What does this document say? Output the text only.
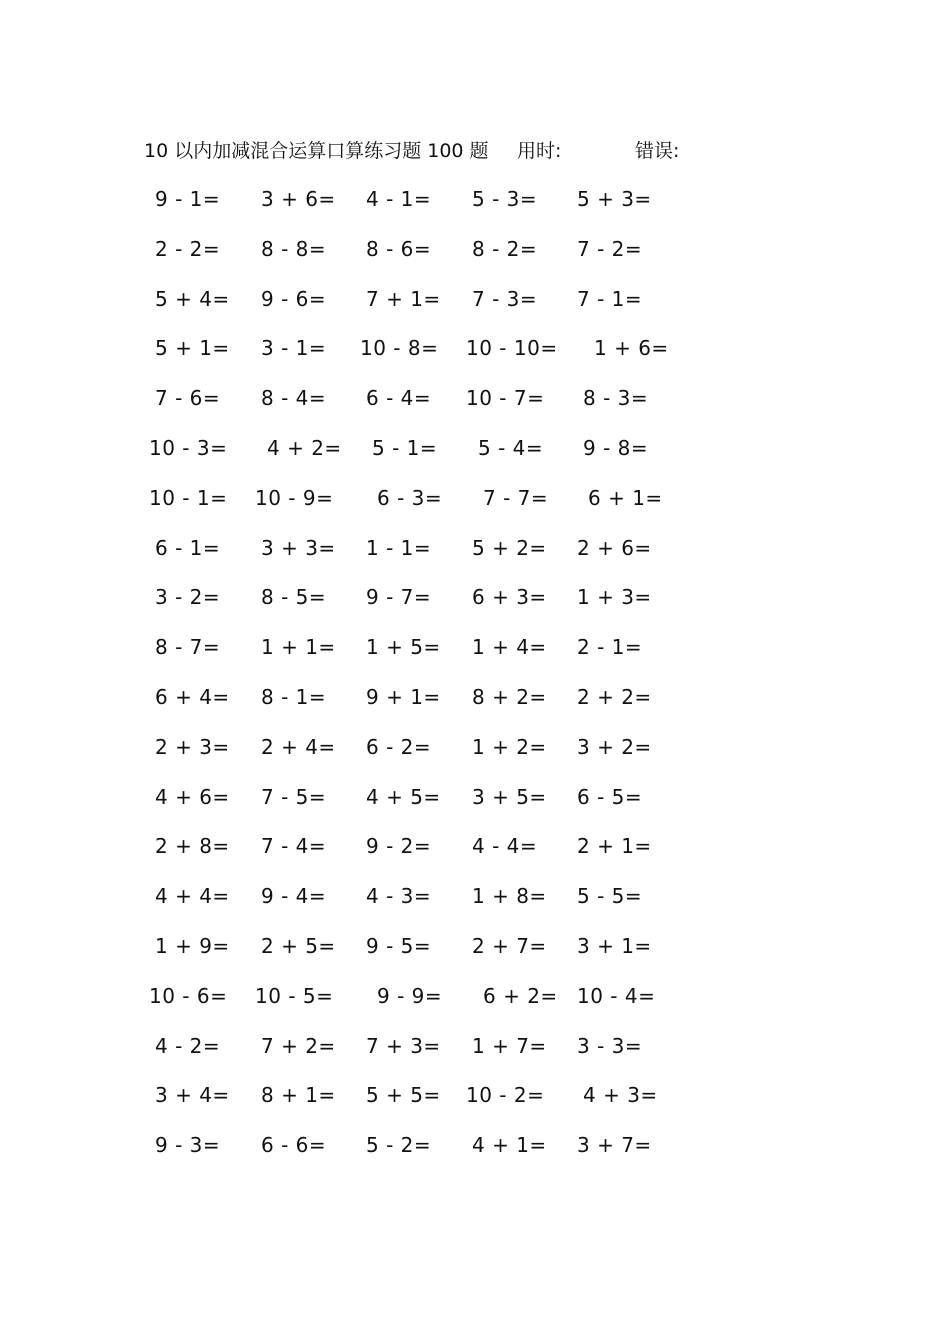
10 以内加减混合运算口算练习题 100 题 用时:	错误:
9 - 1= 3 + 6= 4 - 1= 5 - 3= 5 + 3=
2 - 2= 8 - 8= 8 - 6= 8 - 2= 7 - 2=
5 + 4= 9 - 6= 7 + 1= 7 - 3= 7 - 1=
5 + 1= 3 - 1= 10 - 8= 10 - 10= 1 + 6=
7 - 6= 8 - 4= 6 - 4= 10 - 7= 8 - 3=
10 - 3= 4 + 2= 5 - 1= 5 - 4= 9 - 8=
10 - 1= 10 - 9= 6 - 3= 7 - 7= 6 + 1=
6 - 1= 3 + 3= 1 - 1= 5 + 2= 2 + 6=
3 - 2= 8 - 5= 9 - 7= 6 + 3= 1 + 3=
8 - 7= 1 + 1= 1 + 5= 1 + 4= 2 - 1=
6 + 4= 8 - 1= 9 + 1= 8 + 2= 2 + 2=
2 + 3= 2 + 4= 6 - 2= 1 + 2= 3 + 2=
4 + 6= 7 - 5= 4 + 5= 3 + 5= 6 - 5=
2 + 8= 7 - 4= 9 - 2= 4 - 4= 2 + 1=
4 + 4= 9 - 4= 4 - 3= 1 + 8= 5 - 5=
1 + 9= 2 + 5= 9 - 5= 2 + 7= 3 + 1=
10 - 6= 10 - 5= 9 - 9= 6 + 2= 10 - 4=
4 - 2= 7 + 2= 7 + 3= 1 + 7= 3 - 3=
3 + 4= 8 + 1= 5 + 5= 10 - 2= 4 + 3=
9 - 3= 6 - 6= 5 - 2= 4 + 1= 3 + 7=
